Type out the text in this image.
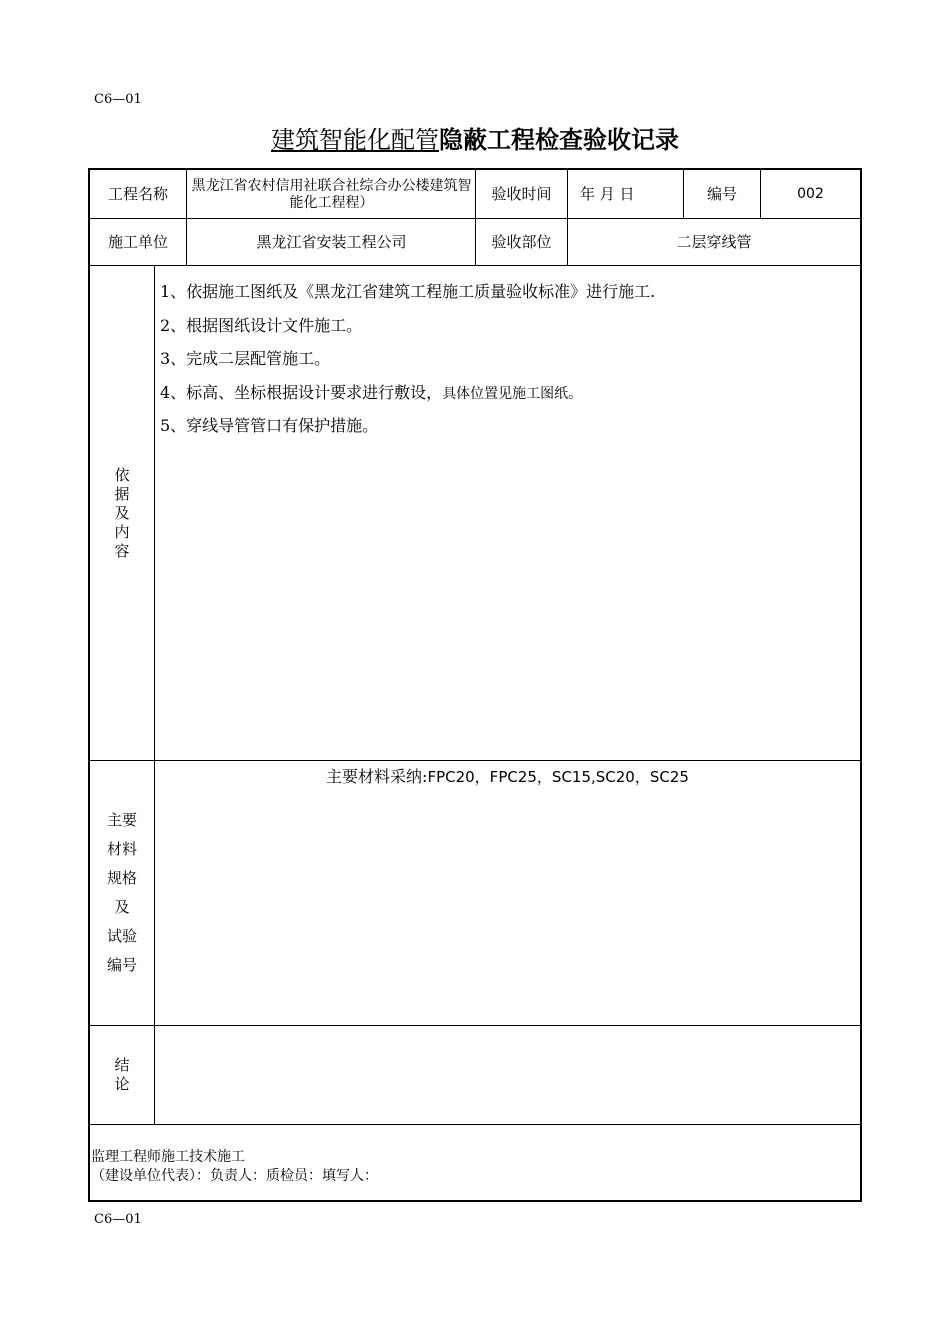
C6—01
建筑智能化配管隐蔽工程检查验收记录
工程名称	黑龙江省农村信用社联合社综合办公楼建筑智能化工程程）	验收时间	年 月 日	编号	002
施工单位	黑龙江省安装工程公司	验收部位	二层穿线管
依
据
及
内
容
1、依据施工图纸及《黑龙江省建筑工程施工质量验收标准》进行施工.
2、根据图纸设计文件施工。
3、完成二层配管施工。
4、标高、坐标根据设计要求进行敷设，具体位置见施工图纸。
5、穿线导管管口有保护措施。
主要
材料
规格
及
试验
编号
主要材料采纳:FPC20，FPC25，SC15,SC20，SC25
结
论
监理工程师施工技术施工
（建设单位代表）：负责人：质检员：填写人：
C6—01
